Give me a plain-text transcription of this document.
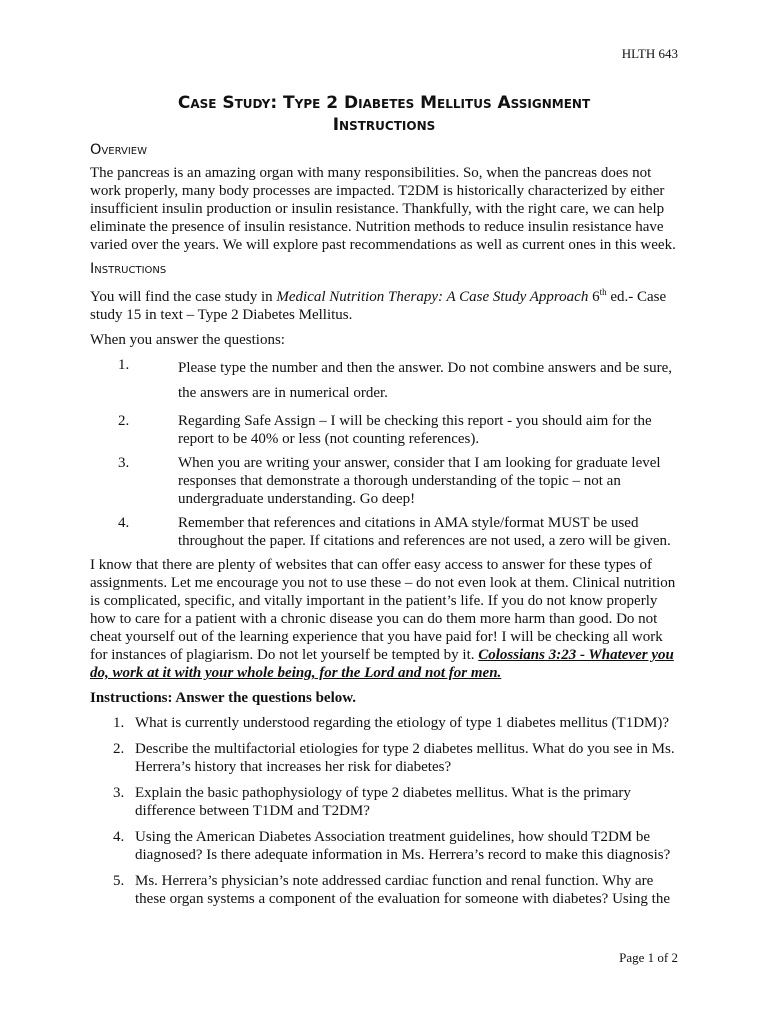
HLTH 643
Case Study: Type 2 Diabetes Mellitus Assignment
Instructions
Overview

The pancreas is an amazing organ with many responsibilities. So, when the pancreas does not work properly, many body processes are impacted. T2DM is historically characterized by either insufficient insulin production or insulin resistance. Thankfully, with the right care, we can help eliminate the presence of insulin resistance. Nutrition methods to reduce insulin resistance have varied over the years. We will explore past recommendations as well as current ones in this week.

Instructions

You will find the case study in Medical Nutrition Therapy: A Case Study Approach 6th ed.- Case study 15 in text – Type 2 Diabetes Mellitus.

When you answer the questions:

1.	Please type the number and then the answer. Do not combine answers and be sure, the answers are in numerical order.
2.	Regarding Safe Assign – I will be checking this report - you should aim for the report to be 40% or less (not counting references).
3.	When you are writing your answer, consider that I am looking for graduate level responses that demonstrate a thorough understanding of the topic – not an undergraduate understanding. Go deep!
4.	Remember that references and citations in AMA style/format MUST be used throughout the paper. If citations and references are not used, a zero will be given.

I know that there are plenty of websites that can offer easy access to answer for these types of assignments. Let me encourage you not to use these – do not even look at them. Clinical nutrition is complicated, specific, and vitally important in the patient’s life. If you do not know properly how to care for a patient with a chronic disease you can do them more harm than good. Do not cheat yourself out of the learning experience that you have paid for! I will be checking all work for instances of plagiarism. Do not let yourself be tempted by it. Colossians 3:23 - Whatever you do, work at it with your whole being, for the Lord and not for men.

Instructions: Answer the questions below.

1. What is currently understood regarding the etiology of type 1 diabetes mellitus (T1DM)?
2. Describe the multifactorial etiologies for type 2 diabetes mellitus. What do you see in Ms. Herrera’s history that increases her risk for diabetes?
3. Explain the basic pathophysiology of type 2 diabetes mellitus. What is the primary difference between T1DM and T2DM?
4. Using the American Diabetes Association treatment guidelines, how should T2DM be diagnosed? Is there adequate information in Ms. Herrera’s record to make this diagnosis?
5. Ms. Herrera’s physician’s note addressed cardiac function and renal function. Why are these organ systems a component of the evaluation for someone with diabetes? Using the
Page 1 of 2
